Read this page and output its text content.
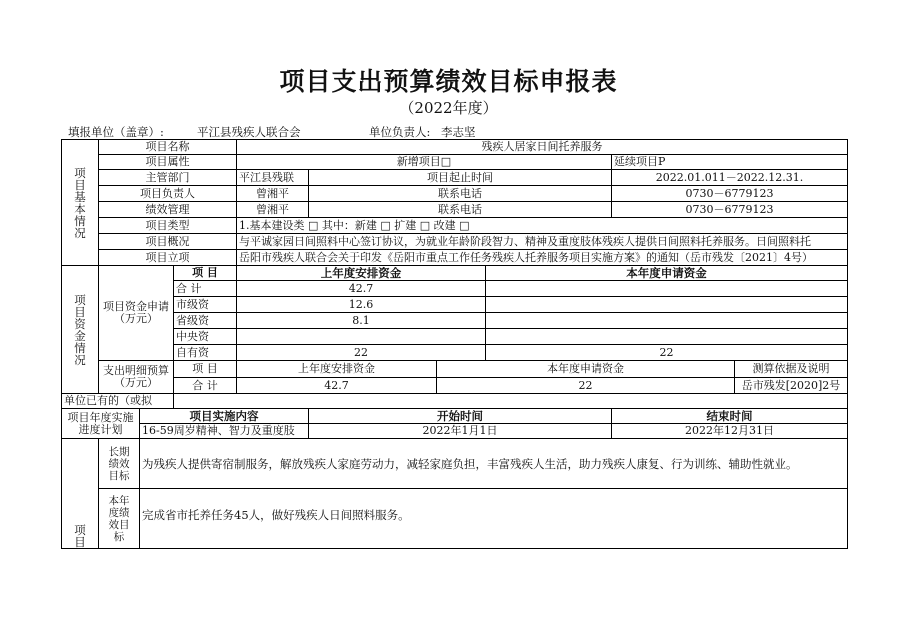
项目支出预算绩效目标申报表
（2022年度）
填报单位（盖章）:	平江县残疾人联合会	单位负责人: 李志坚
项目基本情况	项目名称			残疾人居家日间托养服务					
	项目属性			新增项目□				延续项目P	
	主管部门			平江县残联	项目起止时间			2022.01.011－2022.12.31.	
	项目负责人			曾湘平	联系电话			0730－6779123	
	绩效管理			曾湘平	联系电话			0730－6779123	
	项目类型			1.基本建设类 □ 其中：新建 □ 扩建 □ 改建 □					
	项目概况			与平诚家园日间照料中心签订协议，为就业年龄阶段智力、精神及重度肢体残疾人提供日间照料托养服务。日间照料托					
	项目立项			岳阳市残疾人联合会关于印发《岳阳市重点工作任务残疾人托养服务项目实施方案》的通知（岳市残发〔2021〕4号）					

项目资金情况	项目资金申请（万元）		项 目	上年度安排资金			本年度申请资金		
			合 计	42.7					
			市级资	12.6					
			省级资	8.1					
			中央资						
			自有资	22			22		
	支出明细预算（万元）		项 目	上年度安排资金		本年度申请资金			测算依据及说明
			合 计	42.7		22			岳市残发[2020]2号
单位已有的（或拟									
项目年度实施进度计划		项目实施内容			开始时间			结束时间	
		16-59周岁精神、智力及重度肢			2022年1月1日			2022年12月31日	

项目	长期绩效目标	为残疾人提供寄宿制服务，解放残疾人家庭劳动力，减轻家庭负担，丰富残疾人生活，助力残疾人康复、行为训练、辅助性就业。							

	本年度绩效目标	完成省市托养任务45人，做好残疾人日间照料服务。							
